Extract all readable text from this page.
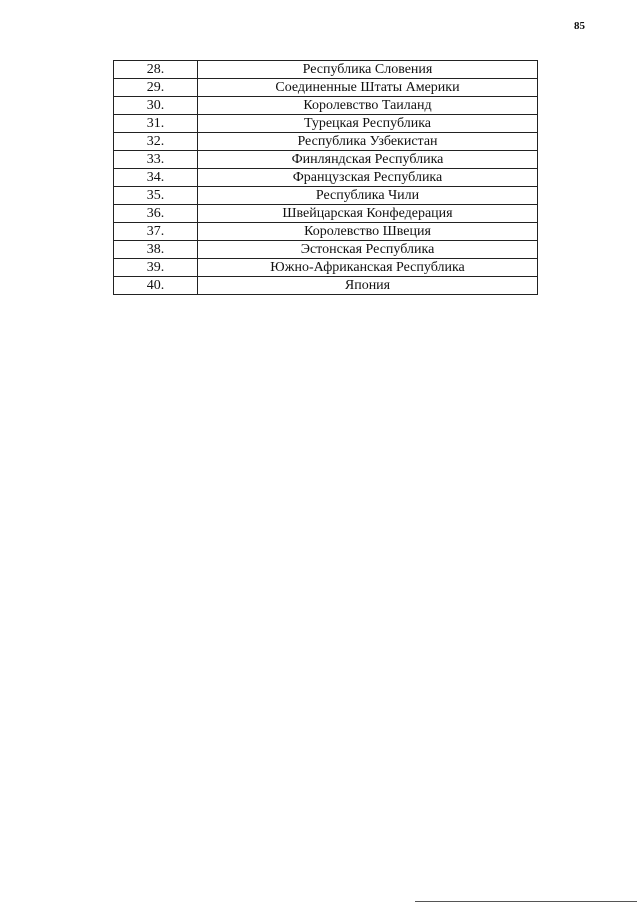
85
28.	Республика Словения
29.	Соединенные Штаты Америки
30.	Королевство Таиланд
31.	Турецкая Республика
32.	Республика Узбекистан
33.	Финляндская Республика
34.	Французская Республика
35.	Республика Чили
36.	Швейцарская Конфедерация
37.	Королевство Швеция
38.	Эстонская Республика
39.	Южно-Африканская Республика
40.	Япония
